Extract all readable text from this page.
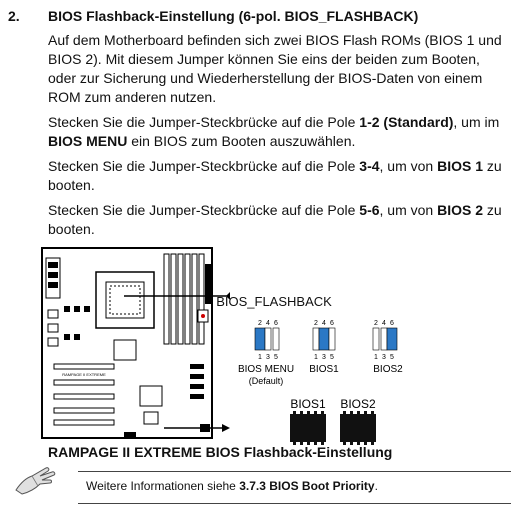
2. BIOS Flashback-Einstellung (6-pol. BIOS_FLASHBACK)

Auf dem Motherboard befinden sich zwei BIOS Flash ROMs (BIOS 1 und BIOS 2). Mit diesem Jumper können Sie eins der beiden zum Booten, oder zur Sicherung und Wiederherstellung der BIOS-Daten von einem ROM zum anderen nutzen.

Stecken Sie die Jumper-Steckbrücke auf die Pole 1-2 (Standard), um im BIOS MENU ein BIOS zum Booten auszuwählen.

Stecken Sie die Jumper-Steckbrücke auf die Pole 3-4, um von BIOS 1 zu booten.

Stecken Sie die Jumper-Steckbrücke auf die Pole 5-6, um von BIOS 2 zu booten.

RAMPAGE II EXTREME
BIOS_FLASHBACK
2 4 6
1 3 5
BIOS MENU
(Default)
2 4 6
1 3 5
BIOS1
2 4 6
1 3 5
BIOS2
BIOS1 BIOS2
RAMPAGE II EXTREME BIOS Flashback-Einstellung
Weitere Informationen siehe 3.7.3 BIOS Boot Priority.
